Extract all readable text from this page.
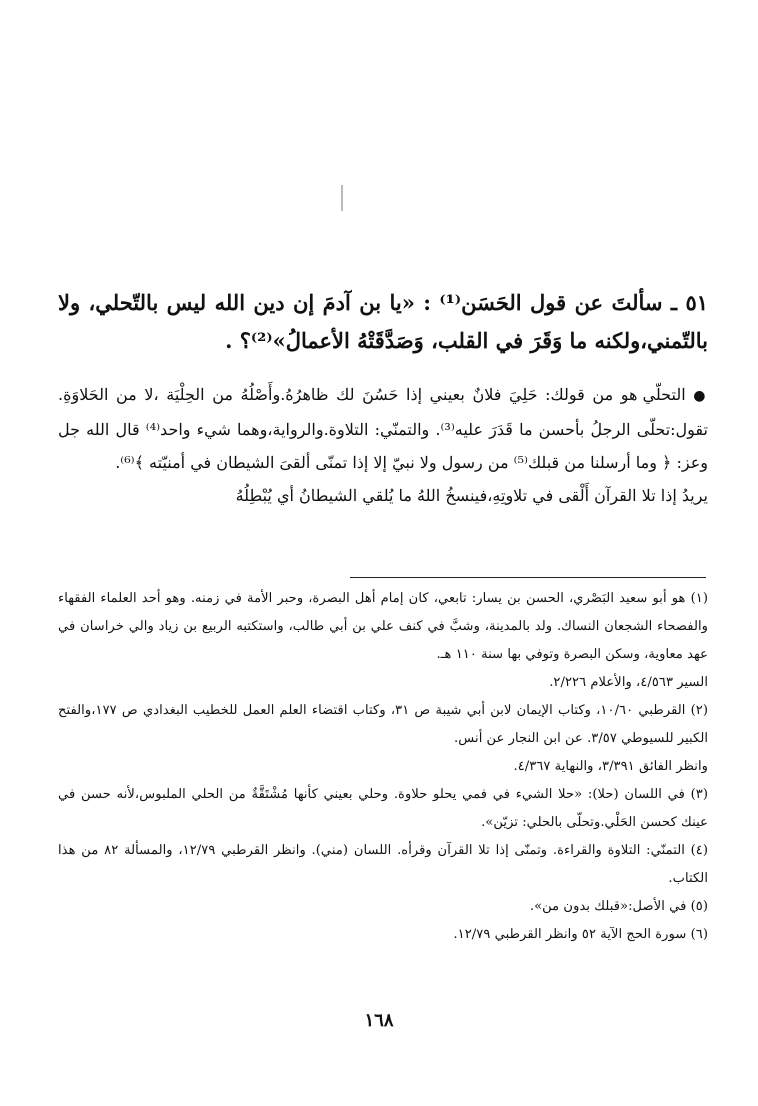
٥١ ـ سألتَ عن قول الحَسَن⁽¹⁾ : «يا بن آدمَ إن دين الله ليس بالتّحلي، ولا بالتّمني،ولكنه ما وَقَرَ في القلب، وَصَدَّقَتْهُ الأعمالُ»⁽²⁾؟ .

● التحلّي هو من قولك: حَلِيَ فلانٌ بعيني إذا حَسُنَ لك ظاهرُهُ.وأَصْلُهُ من الحِلْيَة ،لا من الحَلاوَةِ. تقول:تحلّى الرجلُ بأحسن ما قَدَرَ عليه⁽³⁾. والتمنّي: التلاوة.والرواية،وهما شيء واحد⁽⁴⁾ قال الله جل وعز: ﴿ وما أرسلنا من قبلك⁽⁵⁾ من رسول ولا نبيّ إلا إذا تمنّى ألقىَ الشيطان في أمنيّته ﴾⁽⁶⁾.

يريدُ إذا تلا القرآن أَلْقى في تلاوتِهِ،فينسخُ اللهُ ما يُلقي الشيطانُ أي يُبْطِلُهُ

(١) هو أبو سعيد البَصْري، الحسن بن يسار: تابعي، كان إمام أهل البصرة، وحبر الأمة في زمنه. وهو أحد العلماء الفقهاء والفصحاء الشجعان النساك. ولد بالمدينة، وشبَّ في كنف علي بن أبي طالب، واستكتبه الربيع بن زياد والي خراسان في عهد معاوية، وسكن البصرة وتوفي بها سنة ١١٠ هـ.
السير ٤/٥٦٣، والأعلام ٢/٢٢٦.

(٢) القرطبي ١٠/٦٠، وكتاب الإيمان لابن أبي شيبة ص ٣١، وكتاب اقتضاء العلم العمل للخطيب البغدادي ص ١٧٧،والفتح الكبير للسيوطي ٣/٥٧. عن ابن النجار عن أنس.
وانظر الفائق ٣/٣٩١، والنهاية ٤/٣٦٧.

(٣) في اللسان (حلا): «حلا الشيء في فمي يحلو حلاوة. وحلي بعيني كأنها مُشْتَقَّةٌ من الحلي الملبوس،لأنه حسن في عينك كحسن الحَلْي.وتحلّى بالحلي: تزيّن».

(٤) التمنّي: التلاوة والقراءة. وتمنّى إذا تلا القرآن وقرأه. اللسان (مني). وانظر القرطبي ١٢/٧٩، والمسألة ٨٢ من هذا الكتاب.

(٥) في الأصل:«قبلك بدون من».

(٦) سورة الحج الآية ٥٢ وانظر القرطبي ١٢/٧٩.

١٦٨
